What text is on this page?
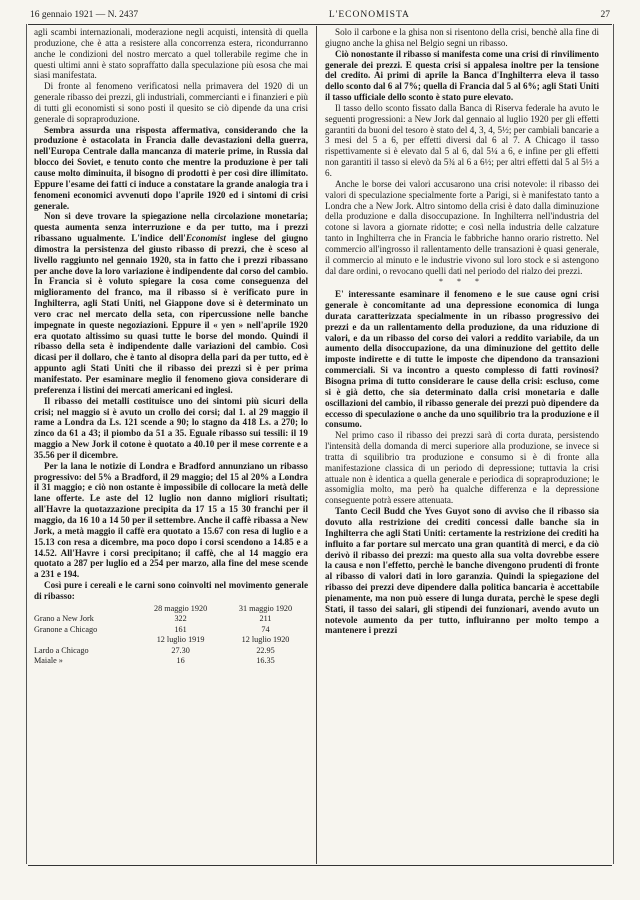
16 gennaio 1921 — N. 2437	L'ECONOMISTA	27

agli scambi internazionali, moderazione negli acquisti, intensità di quella produzione, che è atta a resistere alla concorrenza estera, ricondurranno anche le condizioni del nostro mercato a quel tollerabile regime che in questi ultimi anni è stato sopraffatto dalla speculazione più esosa che mai siasi manifestata.

Di fronte al fenomeno verificatosi nella primavera del 1920 di un generale ribasso dei prezzi, gli industriali, commercianti e i finanzieri e più di tutti gli economisti si sono posti il quesito se ciò dipende da una crisi generale di sopraproduzione.

Sembra assurda una risposta affermativa, considerando che la produzione è ostacolata in Francia dalle devastazioni della guerra, nell'Europa Centrale dalla mancanza di materie prime, in Russia dal blocco dei Soviet, e tenuto conto che mentre la produzione è per tali cause molto diminuita, il bisogno di prodotti è per così dire illimitato. Eppure l'esame dei fatti ci induce a constatare la grande analogia tra i fenomeni economici avvenuti dopo l'aprile 1920 ed i sintomi di crisi generale.

Non si deve trovare la spiegazione nella circolazione monetaria; questa aumenta senza interruzione e da per tutto, ma i prezzi ribassano ugualmente. L'indice dell'Economist inglese del giugno dimostra la persistenza del giusto ribasso di prezzi, che è sceso al livello raggiunto nel gennaio 1920, sta in fatto che i prezzi ribassano per anche dove la loro variazione è indipendente dal corso del cambio. In Francia si è voluto spiegare la cosa come conseguenza del miglioramento del franco, ma il ribasso si è verificato pure in Inghilterra, agli Stati Uniti, nel Giappone dove si è determinato un vero crac nel mercato della seta, con ripercussione nelle banche impegnate in queste negoziazioni. Eppure il « yen » nell'aprile 1920 era quotato altissimo su quasi tutte le borse del mondo. Quindi il ribasso della seta è indipendente dalle variazioni del cambio. Così dicasi per il dollaro, che è tanto al disopra della pari da per tutto, ed è appunto agli Stati Uniti che il ribasso dei prezzi si è per prima manifestato. Per esaminare meglio il fenomeno giova considerare di preferenza i listini dei mercati americani ed inglesi.

Il ribasso dei metalli costituisce uno dei sintomi più sicuri della crisi; nel maggio si è avuto un crollo dei corsi; dal 1. al 29 maggio il rame a Londra da Ls. 121 scende a 90; lo stagno da 418 Ls. a 270; lo zinco da 61 a 43; il piombo da 51 a 35. Eguale ribasso sui tessili: il 19 maggio a New Jork il cotone è quotato a 40.10 per il mese corrente e a 35.56 per il dicembre.

Per la lana le notizie di Londra e Bradford annunziano un ribasso progressivo: del 5% a Bradford, il 29 maggio; del 15 al 20% a Londra il 31 maggio; e ciò non ostante è impossibile di collocare la metà delle lane offerte. Le aste del 12 luglio non danno migliori risultati; all'Havre la quotazzazione precipita da 17 15 a 15 30 franchi per il maggio, da 16 10 a 14 50 per il settembre. Anche il caffè ribassa a New Jork, a metà maggio il caffè era quotato a 15.67 con resa di luglio e a 15.13 con resa a dicembre, ma poco dopo i corsi scendono a 14.85 e a 14.52. All'Havre i corsi precipitano; il caffè, che al 14 maggio era quotato a 287 per luglio ed a 254 per marzo, alla fine del mese scende a 231 e 194.

Così pure i cereali e le carni sono coinvolti nel movimento generale di ribasso:

	28 maggio 1920	31 maggio 1920
Grano a New Jork	322	211
Granone a Chicago	161	74
	12 luglio 1919	12 luglio 1920
Lardo a Chicago	27.30	22.95
Maiale »	16	16.35

Solo il carbone e la ghisa non si risentono della crisi, benchè alla fine di giugno anche la ghisa nel Belgio segni un ribasso.

Ciò nonostante il ribasso si manifesta come una crisi di rinvilimento generale dei prezzi. E questa crisi si appalesa inoltre per la tensione del credito. Ai primi di aprile la Banca d'Inghilterra eleva il tasso dello sconto dal 6 al 7%; quella di Francia dal 5 al 6%; agli Stati Uniti il tasso ufficiale dello sconto è stato pure elevato.

Il tasso dello sconto fissato dalla Banca di Riserva federale ha avuto le seguenti progressioni: a New Jork dal gennaio al luglio 1920 per gli effetti garantiti da buoni del tesoro è stato del 4, 3, 4, 5½; per cambiali bancarie a 3 mesi del 5 a 6, per effetti diversi dal 6 al 7. A Chicago il tasso rispettivamente si è elevato dal 5 al 6, dal 5¼ a 6, e infine per gli effetti non garantiti il tasso si elevò da 5¾ al 6 a 6½; per altri effetti dal 5 al 5½ a 6.

Anche le borse dei valori accusarono una crisi notevole: il ribasso dei valori di speculazione specialmente forte a Parigi, si è manifestato tanto a Londra che a New Jork. Altro sintomo della crisi è dato dalla diminuzione della produzione e dalla disoccupazione. In Inghilterra nell'industria del cotone si lavora a giornate ridotte; e così nella industria delle calzature tanto in Inghilterra che in Francia le fabbriche hanno orario ristretto. Nel commercio all'ingrosso il rallentamento delle transazioni è quasi generale, il commercio al minuto e le industrie vivono sul loro stock e si astengono dal dare ordini, o revocano quelli dati nel periodo del rialzo dei prezzi.

* * *

E' interessante esaminare il fenomeno e le sue cause ogni crisi generale è concomitante ad una depressione economica di lunga durata caratterizzata specialmente in un ribasso progressivo dei prezzi e da un rallentamento della produzione, da una riduzione di valori, e da un ribasso del corso dei valori a reddito variabile, da un aumento della disoccupazione, da una diminuzione del gettito delle imposte indirette e di tutte le imposte che dipendono da transazioni commerciali. Si va incontro a questo complesso di fatti rovinosi? Bisogna prima di tutto considerare le cause della crisi: escluso, come si è già detto, che sia determinato dalla crisi monetaria e dalle oscillazioni del cambio, il ribasso generale dei prezzi può dipendere da eccesso di speculazione o anche da uno squilibrio tra la produzione e il consumo.

Nel primo caso il ribasso dei prezzi sarà di corta durata, persistendo l'intensità della domanda di merci superiore alla produzione, se invece si tratta di squilibrio tra produzione e consumo si è di fronte alla manifestazione classica di un periodo di depressione; tuttavia la crisi attuale non è identica a quella generale e periodica di sopraproduzione; le assomiglia molto, ma però ha qualche differenza e la depressione conseguente potrà essere attenuata.

Tanto Cecil Budd che Yves Guyot sono di avviso che il ribasso sia dovuto alla restrizione dei crediti concessi dalle banche sia in Inghilterra che agli Stati Uniti: certamente la restrizione dei crediti ha influito a far portare sul mercato una gran quantità di merci, e da ciò derivò il ribasso dei prezzi: ma questo alla sua volta dovrebbe essere la causa e non l'effetto, perchè le banche divengono prudenti di fronte al ribasso di valori dati in loro garanzia. Quindi la spiegazione del ribasso dei prezzi deve dipendere dalla politica bancaria è accettabile pienamente, ma non può essere di lunga durata, perchè le spese degli Stati, il tasso dei salari, gli stipendi dei funzionari, avendo avuto un notevole aumento da per tutto, influiranno per molto tempo a mantenere i prezzi
